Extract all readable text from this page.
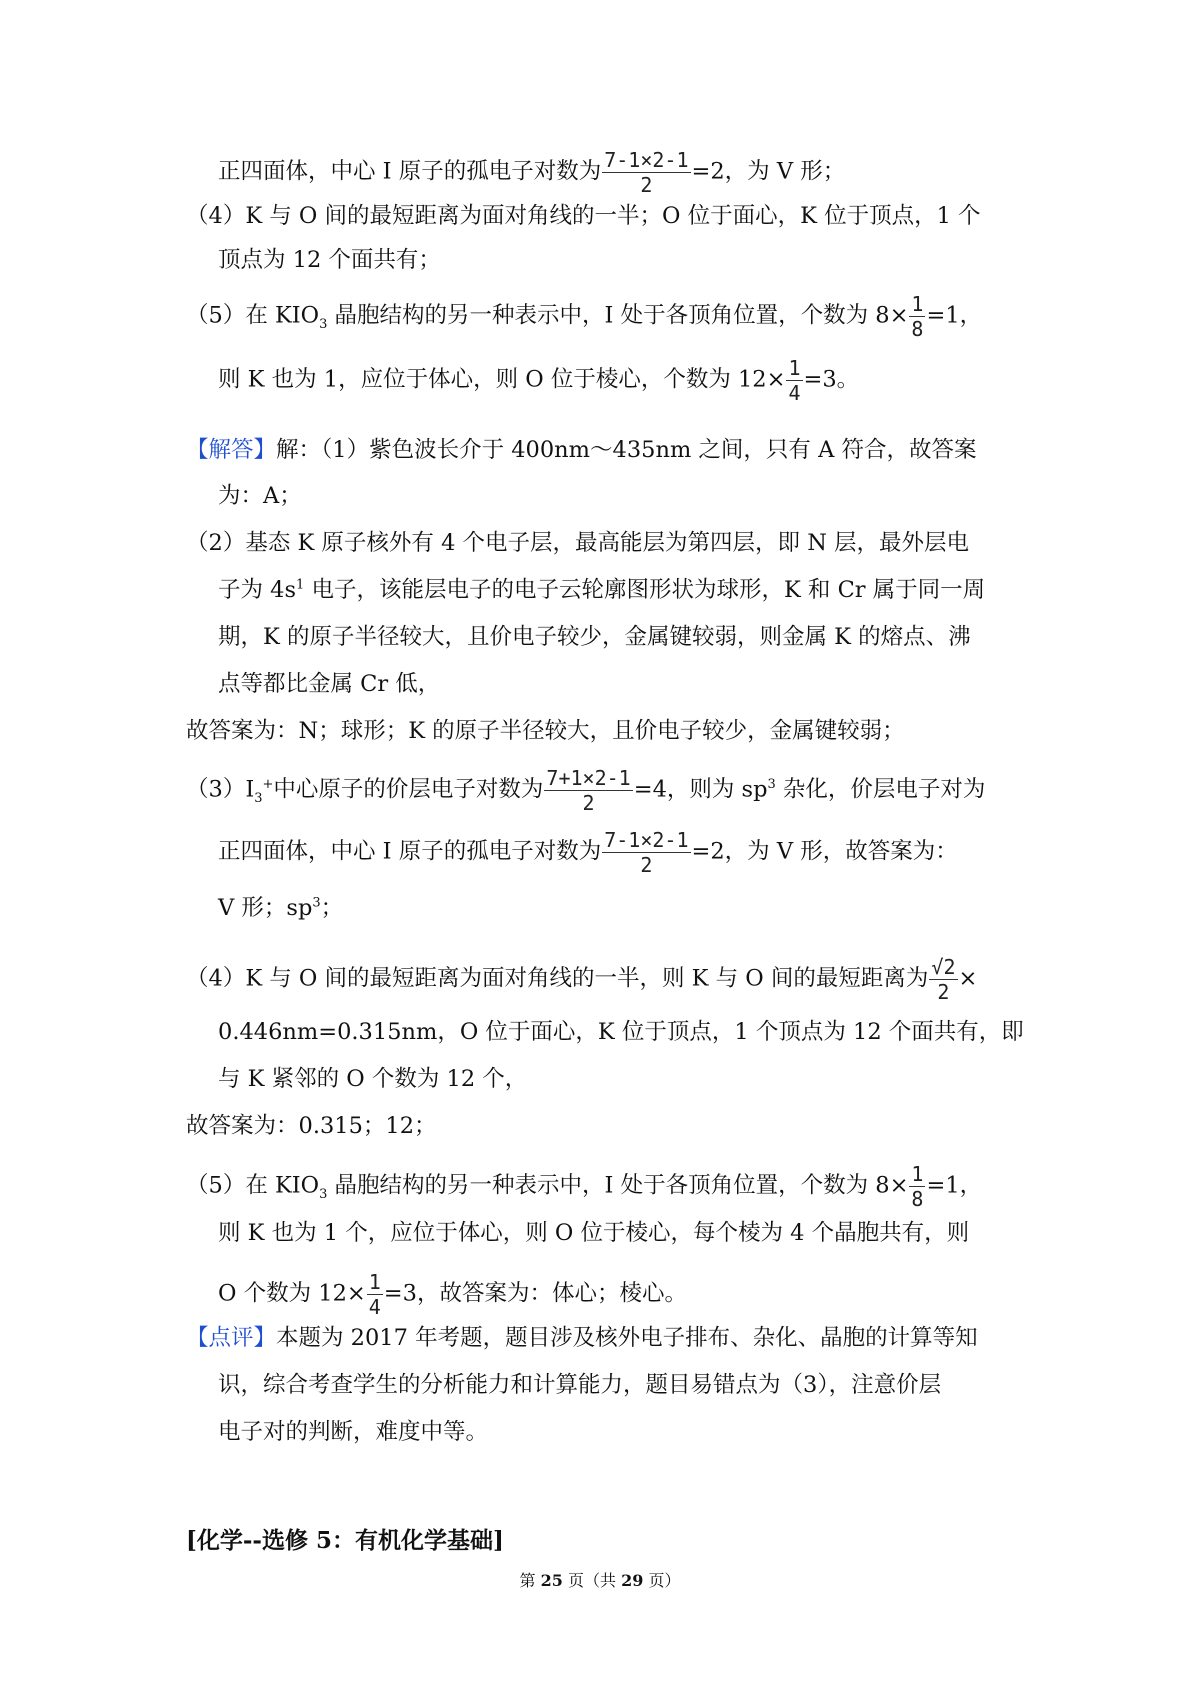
正四面体，中心 I 原子的孤电子对数为 $\frac{7-1\times 2-1}{2} =2$，为 V 形；
（4）K 与 O 间的最短距离为面对角线的一半；O 位于面心，K 位于顶点，1 个
顶点为 12 个面共有；
（5）在 $KIO_3$ 晶胞结构的另一种表示中，I 处于各顶角位置，个数为 $8\times \frac{1}{8} =1$，
则 K 也为 1，应位于体心，则 O 位于棱心，个数为 $12\times \frac{1}{4} =3$。
【解答】解：（1）紫色波长介于 400nm～435nm 之间，只有 A 符合，故答案
为：A；
（2）基态 K 原子核外有 4 个电子层，最高能层为第四层，即 N 层，最外层电
子为 $4s^1$ 电子，该能层电子的电子云轮廓图形状为球形，K 和 Cr 属于同一周
期，K 的原子半径较大，且价电子较少，金属键较弱，则金属 K 的熔点、沸
点等都比金属 Cr 低，
故答案为：N；球形；K 的原子半径较大，且价电子较少，金属键较弱；
$(3)I_3^+$中心原子的价层电子对数为 $\frac{7+1\times 2-1}{2} =4$，则为 $sp^3$ 杂化，价层电子对为
正四面体，中心 I 原子的孤电子对数为 $\frac{7-1\times 2-1}{2} =2$，为 V 形，故答案为：
V 形；$sp^3$；
（4）K 与 O 间的最短距离为面对角线的一半，则 K 与 O 间的最短距离为 $\frac{√2}{2}$ ×
0.446nm=0.315nm，O 位于面心，K 位于顶点，1 个顶点为 12 个面共有，即
与 K 紧邻的 O 个数为 12 个，
故答案为：0.315；12；
（5）在 $KIO_3$ 晶胞结构的另一种表示中，I 处于各顶角位置，个数为 $8\times \frac{1}{8} =1$，
则 K 也为 1 个，应位于体心，则 O 位于棱心，每个棱为 4 个晶胞共有，则
O 个数为 $12\times \frac{1}{4} =3$，故答案为：体心；棱心。
【点评】本题为 2017 年考题，题目涉及核外电子排布、杂化、晶胞的计算等知
识，综合考查学生的分析能力和计算能力，题目易错点为（3），注意价层
电子对的判断，难度中等。
[化学--选修 5：有机化学基础]
第 25 页（共 29 页）
